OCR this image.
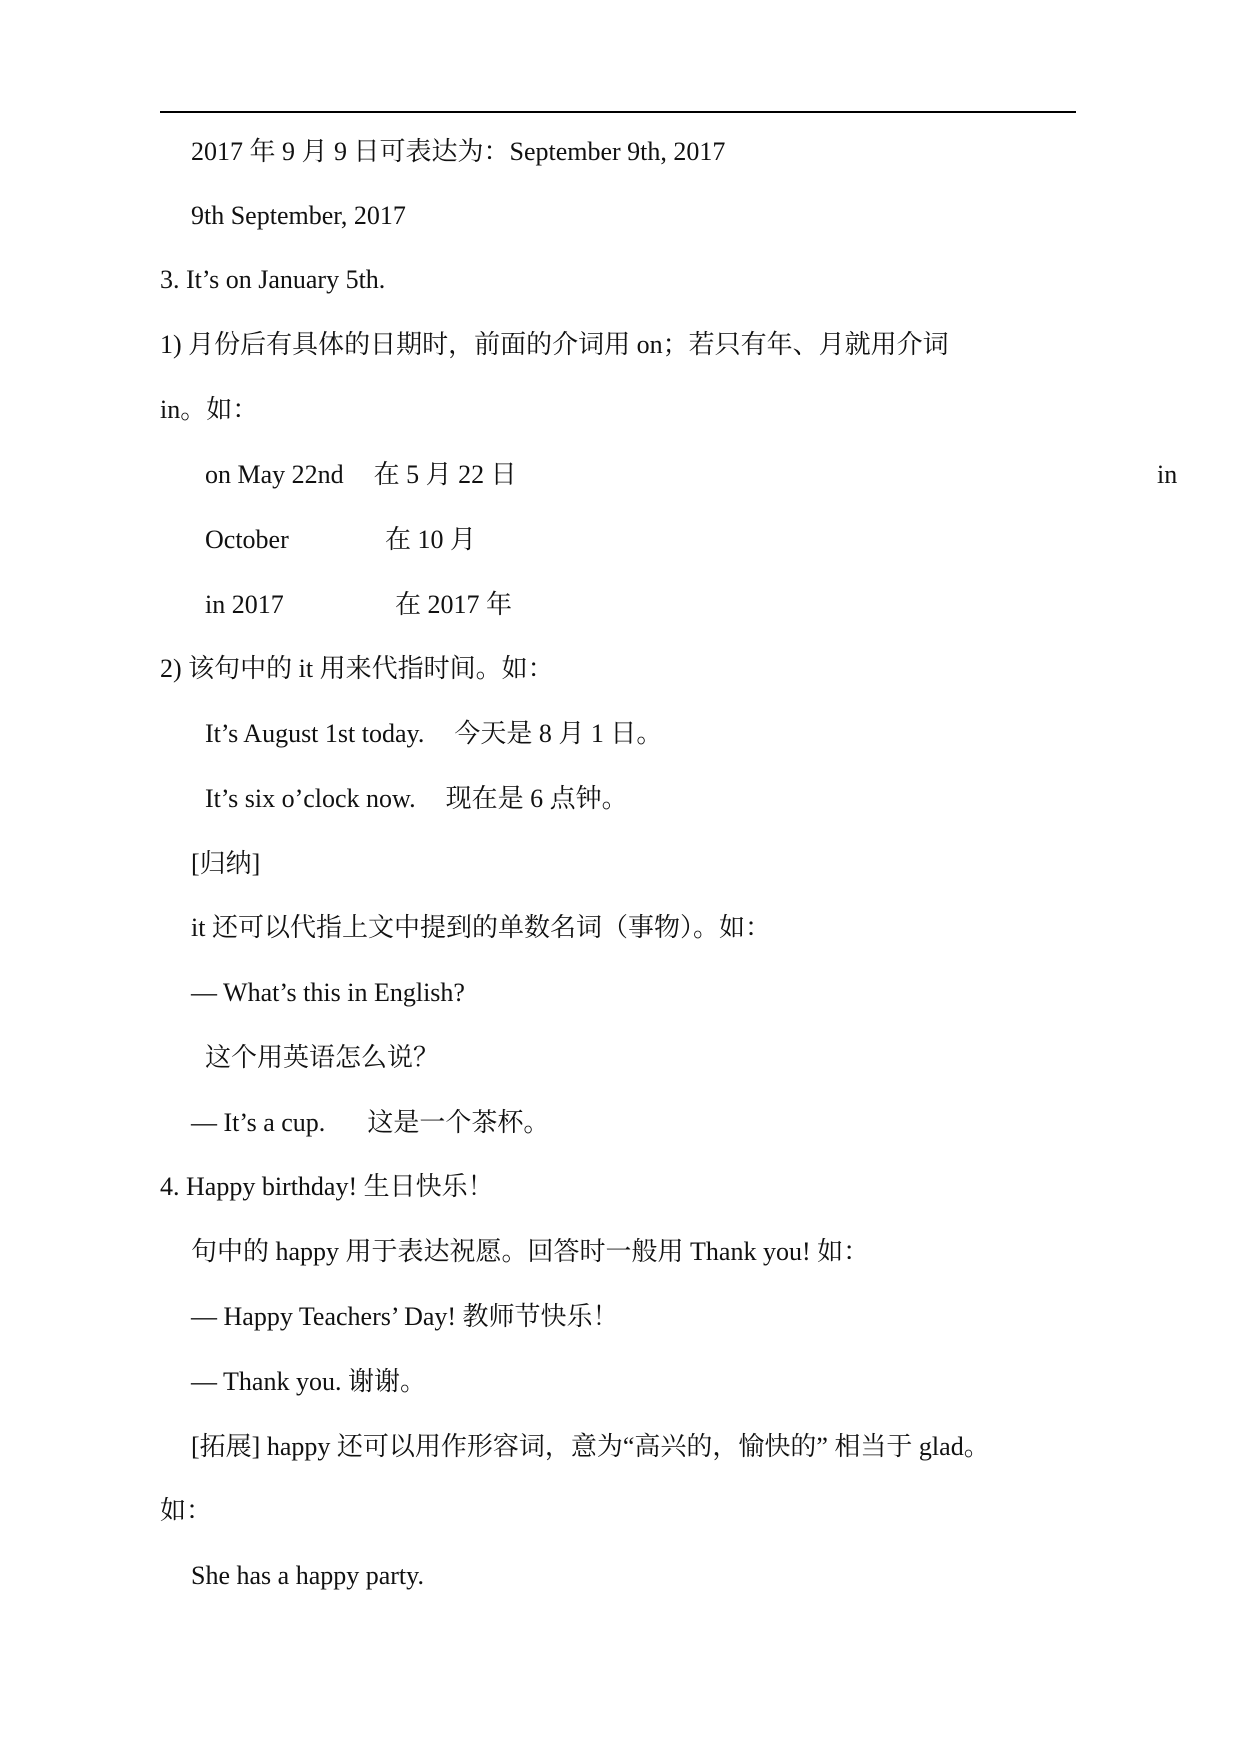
2017 年 9 月 9 日可表达为：September 9th, 2017
9th September, 2017
3. It’s on January 5th.
1) 月份后有具体的日期时，前面的介词用 on；若只有年、月就用介词
in。如：
on May 22nd 在 5 月 22 日	in
October	在 10 月
in 2017	在 2017 年
2) 该句中的 it 用来代指时间。如：
It’s August 1st today. 今天是 8 月 1 日。
It’s six o’clock now. 现在是 6 点钟。
[归纳]
it 还可以代指上文中提到的单数名词（事物）。如：
— What’s this in English?
这个用英语怎么说？
— It’s a cup. 这是一个茶杯。
4. Happy birthday! 生日快乐！
句中的 happy 用于表达祝愿。回答时一般用 Thank you! 如：
— Happy Teachers’ Day! 教师节快乐！
— Thank you. 谢谢。
[拓展] happy 还可以用作形容词，意为“高兴的，愉快的” 相当于 glad。
如：
She has a happy party.
